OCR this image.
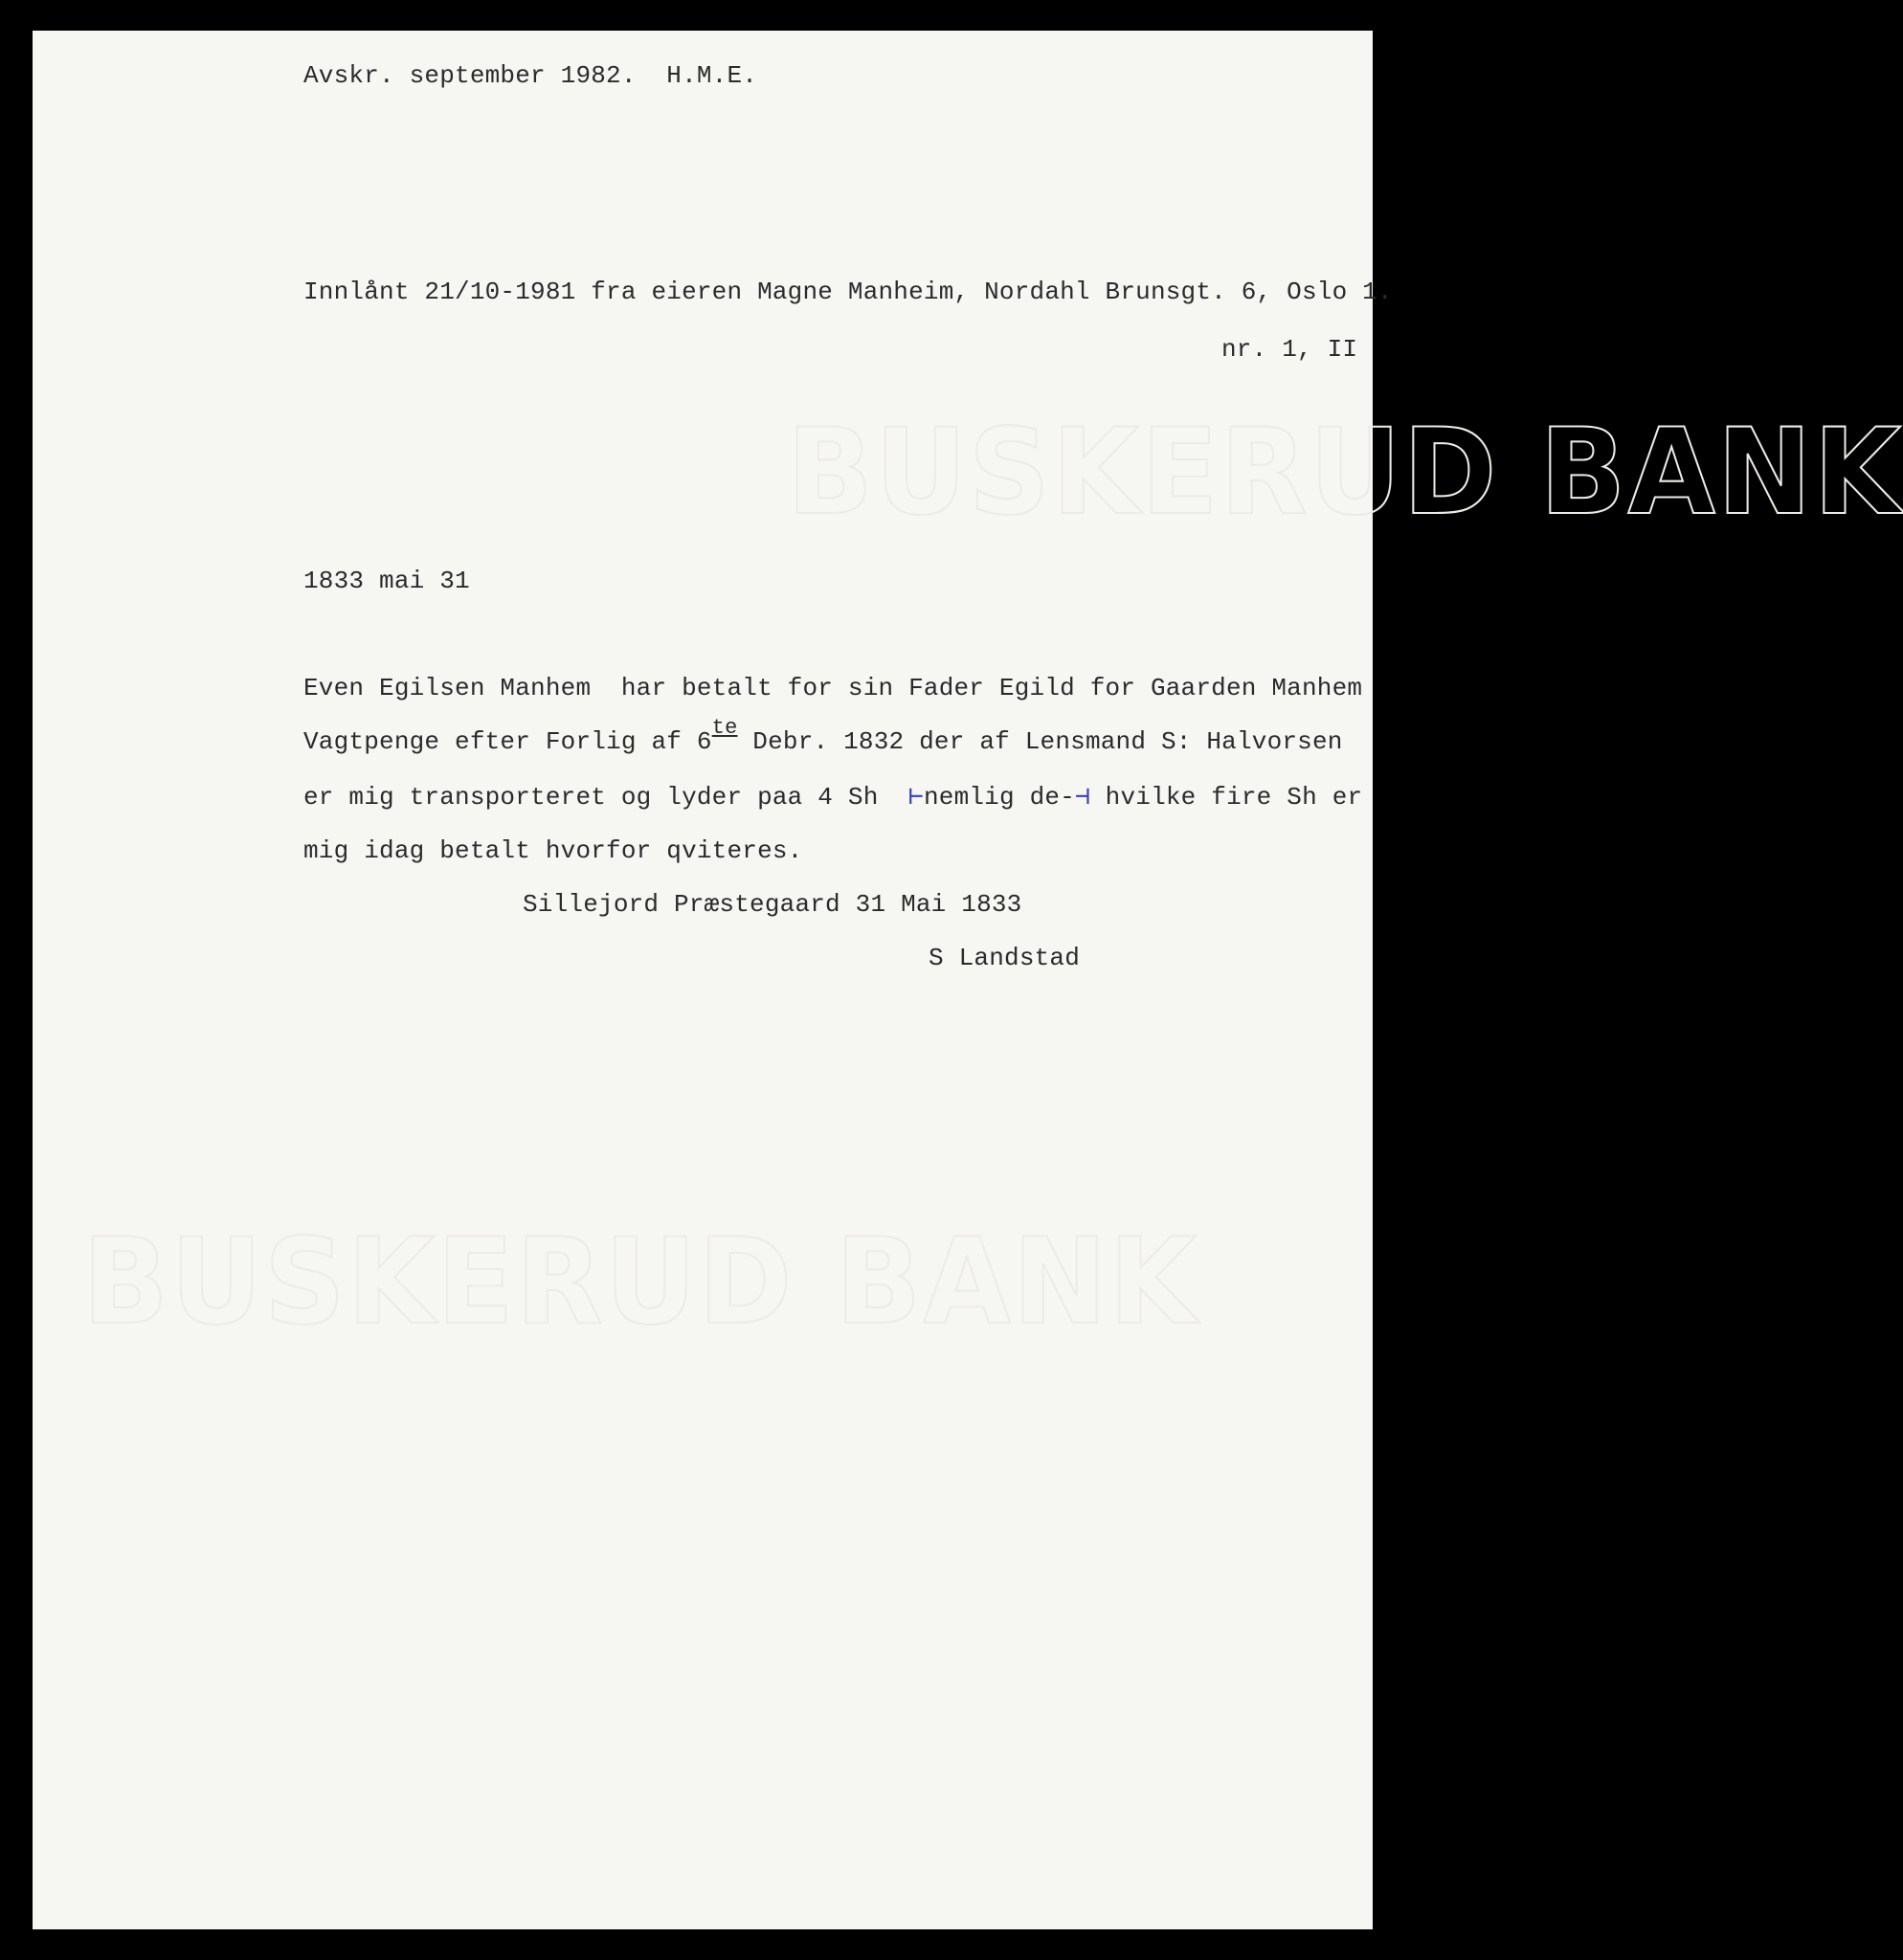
BUSKERUD BANK
BUSKERUD BANK
Avskr. september 1982.  H.M.E.
Innlånt 21/10-1981 fra eieren Magne Manheim, Nordahl Brunsgt. 6, Oslo 1.
nr. 1, II
1833 mai 31
Even Egilsen Manhem  har betalt for sin Fader Egild for Gaarden Manhem
Vagtpenge efter Forlig af $6^{te}$ Debr. 1832 der af Lensmand S: Halvorsen
er mig transporteret og lyder paa 4 Sh  ⊢nemlig de-⊣ hvilke fire Sh er
mig idag betalt hvorfor qviteres.
Sillejord Præstegaard 31 Mai 1833
S Landstad
